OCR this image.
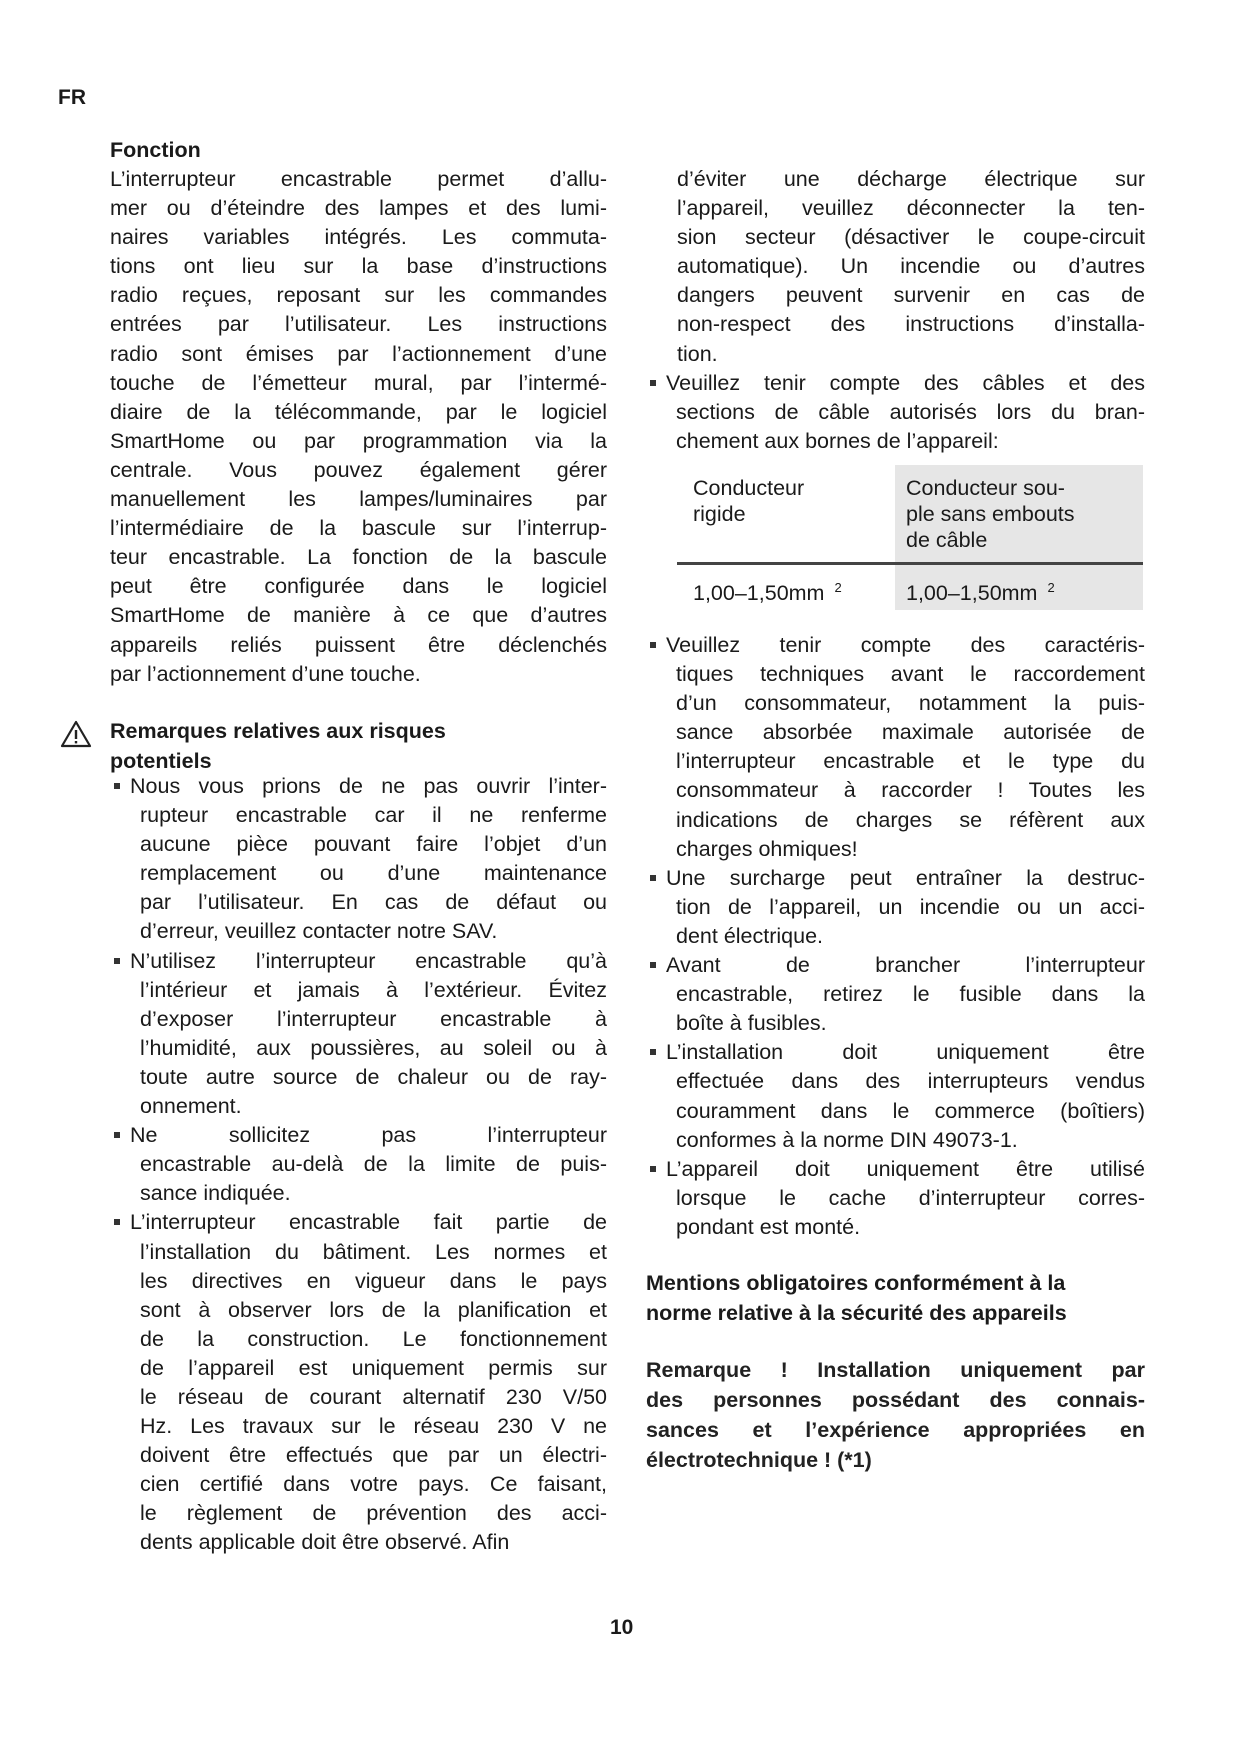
FR
Fonction
L’interrupteur encastrable permet d’allu-
mer ou d’éteindre des lampes et des lumi-
naires variables intégrés. Les commuta-
tions ont lieu sur la base d’instructions
radio reçues, reposant sur les commandes
entrées par l’utilisateur. Les instructions
radio sont émises par l’actionnement d’une
touche de l’émetteur mural, par l’intermé-
diaire de la télécommande, par le logiciel
SmartHome ou par programmation via la
centrale. Vous pouvez également gérer
manuellement les lampes/luminaires par
l’intermédiaire de la bascule sur l’interrup-
teur encastrable. La fonction de la bascule
peut être configurée dans le logiciel
SmartHome de manière à ce que d’autres
appareils reliés puissent être déclenchés
par l’actionnement d’une touche.
Remarques relatives aux risques
potentiels
Nous vous prions de ne pas ouvrir l’inter-
rupteur encastrable car il ne renferme
aucune pièce pouvant faire l’objet d’un
remplacement ou d’une maintenance
par l’utilisateur. En cas de défaut ou
d’erreur, veuillez contacter notre SAV.
N’utilisez l’interrupteur encastrable qu’à
l’intérieur et jamais à l’extérieur. Évitez
d’exposer l’interrupteur encastrable à
l’humidité, aux poussières, au soleil ou à
toute autre source de chaleur ou de ray-
onnement.
Ne sollicitez pas l’interrupteur
encastrable au-delà de la limite de puis-
sance indiquée.
L’interrupteur encastrable fait partie de
l’installation du bâtiment. Les normes et
les directives en vigueur dans le pays
sont à observer lors de la planification et
de la construction. Le fonctionnement
de l’appareil est uniquement permis sur
le réseau de courant alternatif 230 V/50
Hz. Les travaux sur le réseau 230 V ne
doivent être effectués que par un électri-
cien certifié dans votre pays. Ce faisant,
le règlement de prévention des acci-
dents applicable doit être observé. Afin
d’éviter une décharge électrique sur
l’appareil, veuillez déconnecter la ten-
sion secteur (désactiver le coupe-circuit
automatique). Un incendie ou d’autres
dangers peuvent survenir en cas de
non-respect des instructions d’installa-
tion.
Veuillez tenir compte des câbles et des
sections de câble autorisés lors du bran-
chement aux bornes de l’appareil:
Conducteur
rigide
Conducteur sou-
ple sans embouts
de câble
1,00–1,50mm $^2$	1,00–1,50mm $^2$
Veuillez tenir compte des caractéris-
tiques techniques avant le raccordement
d’un consommateur, notamment la puis-
sance absorbée maximale autorisée de
l’interrupteur encastrable et le type du
consommateur à raccorder ! Toutes les
indications de charges se réfèrent aux
charges ohmiques!
Une surcharge peut entraîner la destruc-
tion de l’appareil, un incendie ou un acci-
dent électrique.
Avant de brancher l’interrupteur
encastrable, retirez le fusible dans la
boîte à fusibles.
L’installation doit uniquement être
effectuée dans des interrupteurs vendus
couramment dans le commerce (boîtiers)
conformes à la norme DIN 49073-1.
L’appareil doit uniquement être utilisé
lorsque le cache d’interrupteur corres-
pondant est monté.
Mentions obligatoires conformément à la
norme relative à la sécurité des appareils
Remarque ! Installation uniquement par
des personnes possédant des connais-
sances et l’expérience appropriées en
électrotechnique ! (*1)
10
